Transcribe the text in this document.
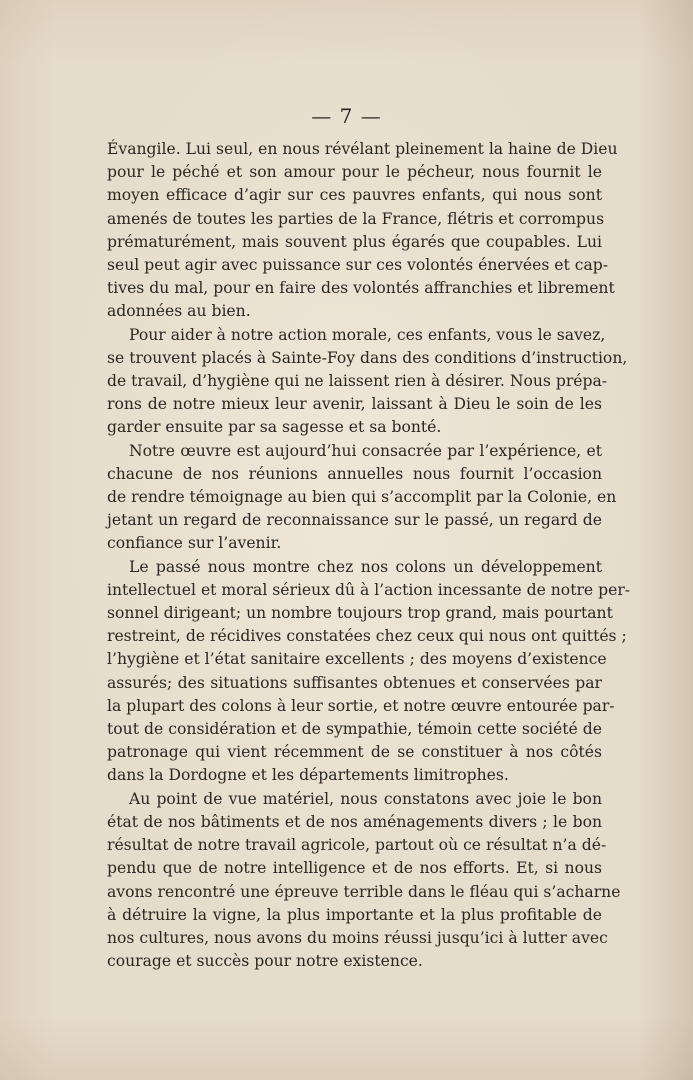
— 7 —
Évangile. Lui seul, en nous révélant pleinement la haine de Dieu
pour le péché et son amour pour le pécheur, nous fournit le
moyen efficace d’agir sur ces pauvres enfants, qui nous sont
amenés de toutes les parties de la France, flétris et corrompus
prématurément, mais souvent plus égarés que coupables. Lui
seul peut agir avec puissance sur ces volontés énervées et cap-
tives du mal, pour en faire des volontés affranchies et librement
adonnées au bien.
Pour aider à notre action morale, ces enfants, vous le savez,
se trouvent placés à Sainte-Foy dans des conditions d’instruction,
de travail, d’hygiène qui ne laissent rien à désirer. Nous prépa-
rons de notre mieux leur avenir, laissant à Dieu le soin de les
garder ensuite par sa sagesse et sa bonté.
Notre œuvre est aujourd’hui consacrée par l’expérience, et
chacune de nos réunions annuelles nous fournit l’occasion
de rendre témoignage au bien qui s’accomplit par la Colonie, en
jetant un regard de reconnaissance sur le passé, un regard de
confiance sur l’avenir.
Le passé nous montre chez nos colons un développement
intellectuel et moral sérieux dû à l’action incessante de notre per-
sonnel dirigeant; un nombre toujours trop grand, mais pourtant
restreint, de récidives constatées chez ceux qui nous ont quittés ;
l’hygiène et l’état sanitaire excellents ; des moyens d’existence
assurés; des situations suffisantes obtenues et conservées par
la plupart des colons à leur sortie, et notre œuvre entourée par-
tout de considération et de sympathie, témoin cette société de
patronage qui vient récemment de se constituer à nos côtés
dans la Dordogne et les départements limitrophes.
Au point de vue matériel, nous constatons avec joie le bon
état de nos bâtiments et de nos aménagements divers ; le bon
résultat de notre travail agricole, partout où ce résultat n’a dé-
pendu que de notre intelligence et de nos efforts. Et, si nous
avons rencontré une épreuve terrible dans le fléau qui s’acharne
à détruire la vigne, la plus importante et la plus profitable de
nos cultures, nous avons du moins réussi jusqu’ici à lutter avec
courage et succès pour notre existence.
